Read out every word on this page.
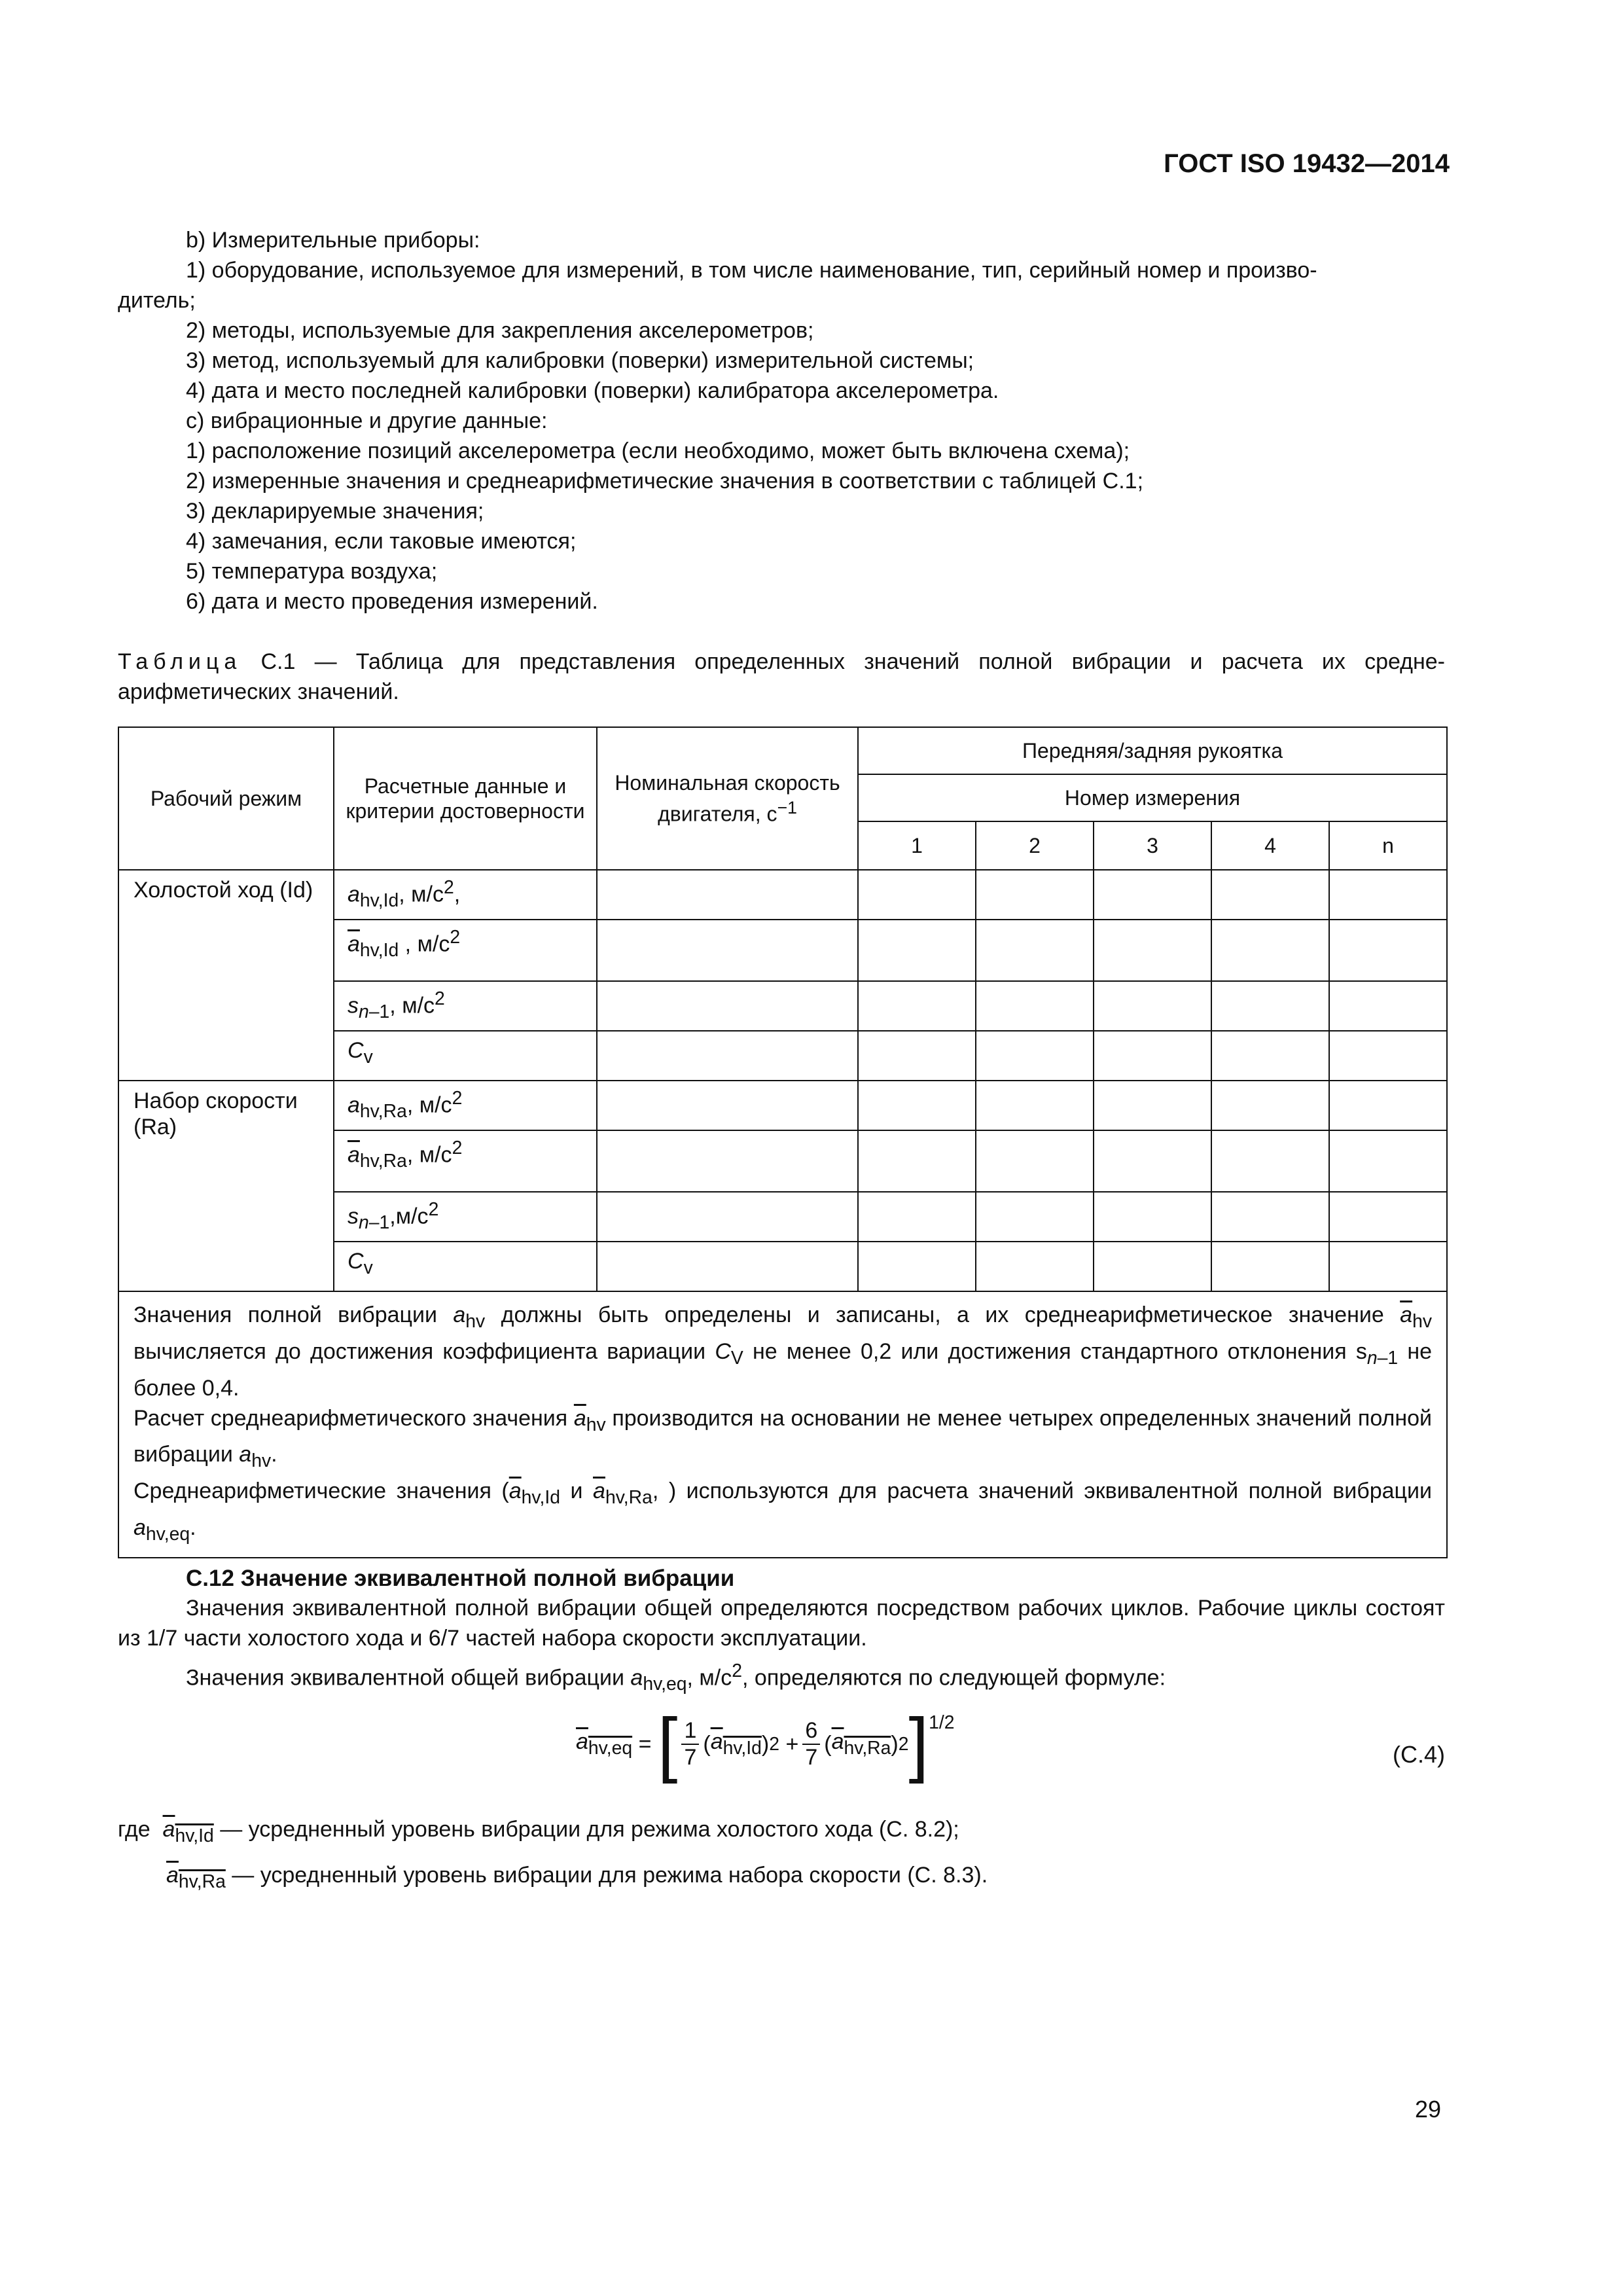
ГОСТ ISO 19432—2014
b) Измерительные приборы:
1) оборудование, используемое для измерений, в том числе наименование, тип, серийный номер и произво-
дитель;
2) методы, используемые для закрепления акселерометров;
3) метод, используемый для калибровки (поверки) измерительной системы;
4) дата и место последней калибровки (поверки) калибратора акселерометра.
c) вибрационные и другие данные:
1) расположение позиций акселерометра (если необходимо, может быть включена схема);
2) измеренные значения и среднеарифметические значения в соответствии с таблицей С.1;
3) декларируемые значения;
4) замечания, если таковые имеются;
5) температура воздуха;
6) дата и место проведения измерений.
Таблица С.1 — Таблица для представления определенных значений полной вибрации и расчета их средне-арифметических значений.
Рабочий режим	Расчетные данные и критерии достоверности	Номинальная скорость двигателя, $с^{-1}$	Передняя/задняя рукоятка				
			Номер измерения				
			1	2	3	4	n
Холостой ход (Id)	$a_{hv,Id}$, $м/с^2$,						
	$\overline{a}_{hv,Id}$ , $м/с^2$						
	$s_{n-1}$, $м/с^2$						
	$C_v$						
Набор скорости (Ra)	$a_{hv,Ra}$, $м/с^2$						
	$\overline{a}_{hv,Ra}$, $м/с^2$						
	$s_{n-1},м/с^2$						
	$C_v$						
Значения полной вибрации $a_{hv}$ должны быть определены и записаны, а их среднеарифметическое значение $\overline{a}_{hv}$ вычисляется до достижения коэффициента вариации $C_V$ не менее 0,2 или достижения стандартного отклонения $s_{n-1}$ не более 0,4.
Расчет среднеарифметического значения $\overline{a}_{hv}$ производится на основании не менее четырех определенных значений полной вибрации $a_{hv}$.
Среднеарифметические значения ($\overline{a}_{hv,Id}$ и $\overline{a}_{hv,Ra}$, ) используются для расчета значений эквивалентной полной вибрации $a_{hv,eq}$.							
С.12 Значение эквивалентной полной вибрации
Значения эквивалентной полной вибрации общей определяются посредством рабочих циклов. Рабочие циклы состоят из 1/7 части холостого хода и 6/7 частей набора скорости эксплуатации.
Значения эквивалентной общей вибрации $a_{hv,eq}$, $м/с^2$, определяются по следующей формуле:
$a_{hv,eq}$ = [ $\frac{1}{7}$ ( $a_{hv,Id}$ ) $2 + \frac{6}{7}$ ( $a_{hv,Ra}$ ) 2 ]$^{1/2}$
(С.4)
где $a_{hv,Id}$ — усредненный уровень вибрации для режима холостого хода (С. 8.2);
$a_{hv,Ra}$ — усредненный уровень вибрации для режима набора скорости (С. 8.3).
29
